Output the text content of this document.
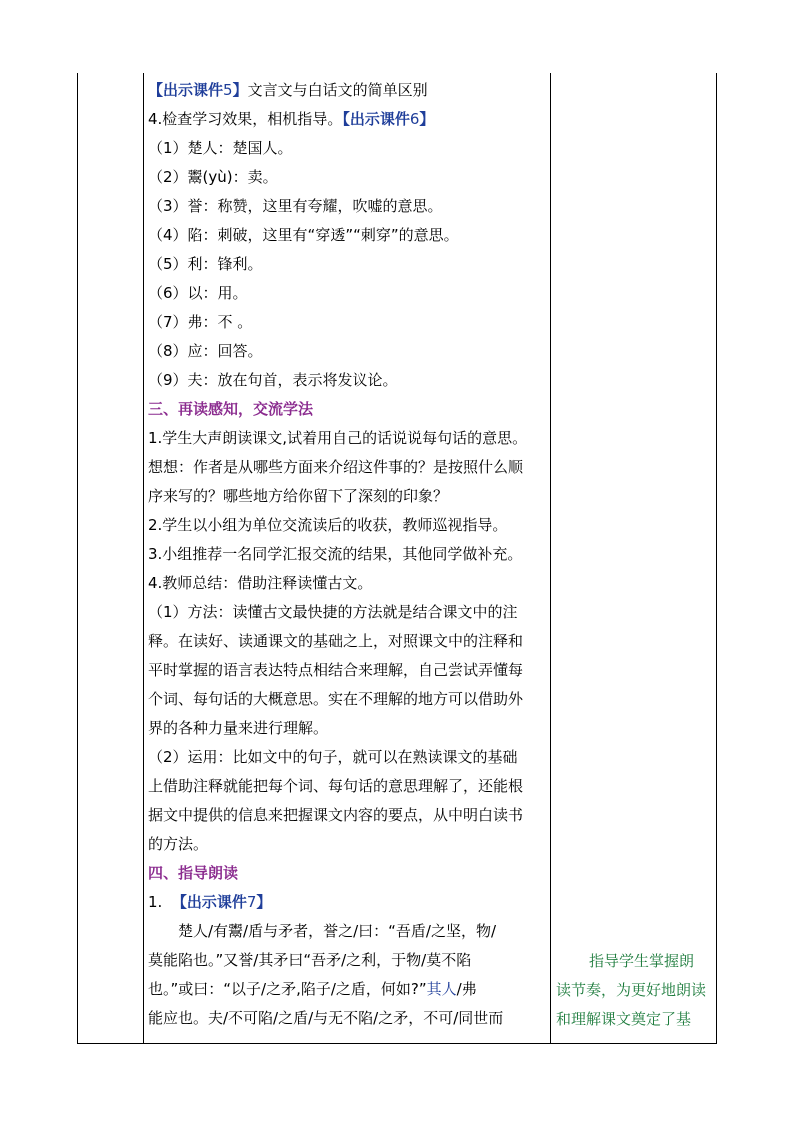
【出示课件5】文言文与白话文的简单区别
4.检查学习效果，相机指导。【出示课件6】
（1）楚人：楚国人。
（2）鬻(yù)：卖。
（3）誉：称赞，这里有夸耀，吹嘘的意思。
（4）陷：刺破，这里有“穿透”“刺穿”的意思。
（5）利：锋利。
（6）以：用。
（7）弗：不 。
（8）应：回答。
（9）夫：放在句首，表示将发议论。
三、再读感知，交流学法
1.学生大声朗读课文,试着用自己的话说说每句话的意思。
想想：作者是从哪些方面来介绍这件事的？是按照什么顺
序来写的？哪些地方给你留下了深刻的印象？
2.学生以小组为单位交流读后的收获，教师巡视指导。
3.小组推荐一名同学汇报交流的结果，其他同学做补充。
4.教师总结：借助注释读懂古文。
（1）方法：读懂古文最快捷的方法就是结合课文中的注
释。在读好、读通课文的基础之上，对照课文中的注释和
平时掌握的语言表达特点相结合来理解，自己尝试弄懂每
个词、每句话的大概意思。实在不理解的地方可以借助外
界的各种力量来进行理解。
（2）运用：比如文中的句子，就可以在熟读课文的基础
上借助注释就能把每个词、每句话的意思理解了，还能根
据文中提供的信息来把握课文内容的要点，从中明白读书
的方法。
四、指导朗读
1. 【出示课件7】
楚人/有鬻/盾与矛者，誉之/曰：“吾盾/之坚，物/
莫能陷也。”又誉/其矛曰“吾矛/之利，于物/莫不陷
也。”或曰：“以子/之矛,陷子/之盾，何如?”其人/弗
能应也。夫/不可陷/之盾/与无不陷/之矛，不可/同世而
指导学生掌握朗
读节奏，为更好地朗读
和理解课文奠定了基
